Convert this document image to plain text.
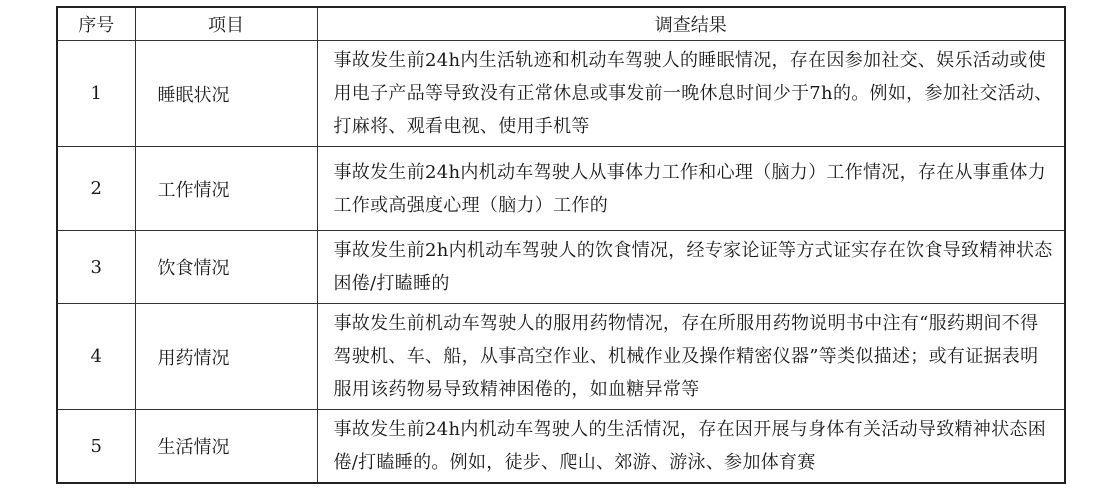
序号	项目	调查结果
1	睡眠状况	事故发生前24h内生活轨迹和机动车驾驶人的睡眠情况，存在因参加社交、娱乐活动或使用电子产品等导致没有正常休息或事发前一晚休息时间少于7h的。例如，参加社交活动、打麻将、观看电视、使用手机等
2	工作情况	事故发生前24h内机动车驾驶人从事体力工作和心理（脑力）工作情况，存在从事重体力工作或高强度心理（脑力）工作的
3	饮食情况	事故发生前2h内机动车驾驶人的饮食情况，经专家论证等方式证实存在饮食导致精神状态困倦/打瞌睡的
4	用药情况	事故发生前机动车驾驶人的服用药物情况，存在所服用药物说明书中注有“服药期间不得驾驶机、车、船，从事高空作业、机械作业及操作精密仪器”等类似描述；或有证据表明服用该药物易导致精神困倦的，如血糖异常等
5	生活情况	事故发生前24h内机动车驾驶人的生活情况，存在因开展与身体有关活动导致精神状态困倦/打瞌睡的。例如，徒步、爬山、郊游、游泳、参加体育赛
